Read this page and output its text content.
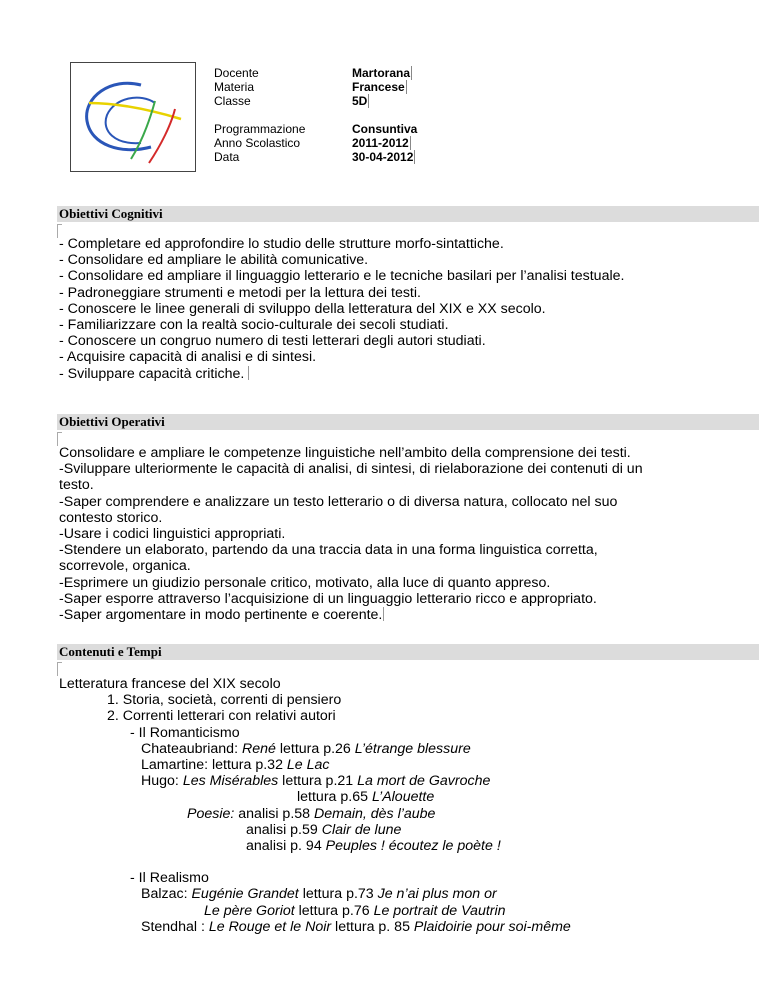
Docente
Materia
Classe
Programmazione
Anno Scolastico
Data
Martorana
Francese
5D
Consuntiva
2011-2012
30-04-2012
Obiettivi Cognitivi
- Completare ed approfondire lo studio delle strutture morfo-sintattiche.
- Consolidare ed ampliare le abilità comunicative.
- Consolidare ed ampliare il linguaggio letterario e le tecniche basilari per l’analisi testuale.
- Padroneggiare strumenti e metodi per la lettura dei testi.
- Conoscere le linee generali di sviluppo della letteratura del XIX e XX secolo.
- Familiarizzare con la realtà socio-culturale dei secoli studiati.
- Conoscere un congruo numero di testi letterari degli autori studiati.
- Acquisire capacità di analisi e di sintesi.
- Sviluppare capacità critiche.
Obiettivi Operativi
Consolidare e ampliare le competenze linguistiche nell’ambito della comprensione dei testi.
-Sviluppare ulteriormente le capacità di analisi, di sintesi, di rielaborazione dei contenuti di un
testo.
-Saper comprendere e analizzare un testo letterario o di diversa natura, collocato nel suo
contesto storico.
-Usare i codici linguistici appropriati.
-Stendere un elaborato, partendo da una traccia data in una forma linguistica corretta,
scorrevole, organica.
-Esprimere un giudizio personale critico, motivato, alla luce di quanto appreso.
-Saper esporre attraverso l’acquisizione di un linguaggio letterario ricco e appropriato.
-Saper argomentare in modo pertinente e coerente.
Contenuti e Tempi
Letteratura francese del XIX secolo
1. Storia, società, correnti di pensiero
2. Correnti letterari con relativi autori
- Il Romanticismo
Chateaubriand: René lettura p.26 L’étrange blessure
Lamartine: lettura p.32 Le Lac
Hugo: Les Misérables lettura p.21 La mort de Gavroche
lettura p.65 L’Alouette
Poesie: analisi p.58 Demain, dès l’aube
analisi p.59 Clair de lune
analisi p. 94 Peuples ! écoutez le poète !
- Il Realismo
Balzac: Eugénie Grandet lettura p.73 Je n’ai plus mon or
Le père Goriot lettura p.76 Le portrait de Vautrin
Stendhal : Le Rouge et le Noir lettura p. 85 Plaidoirie pour soi-même
